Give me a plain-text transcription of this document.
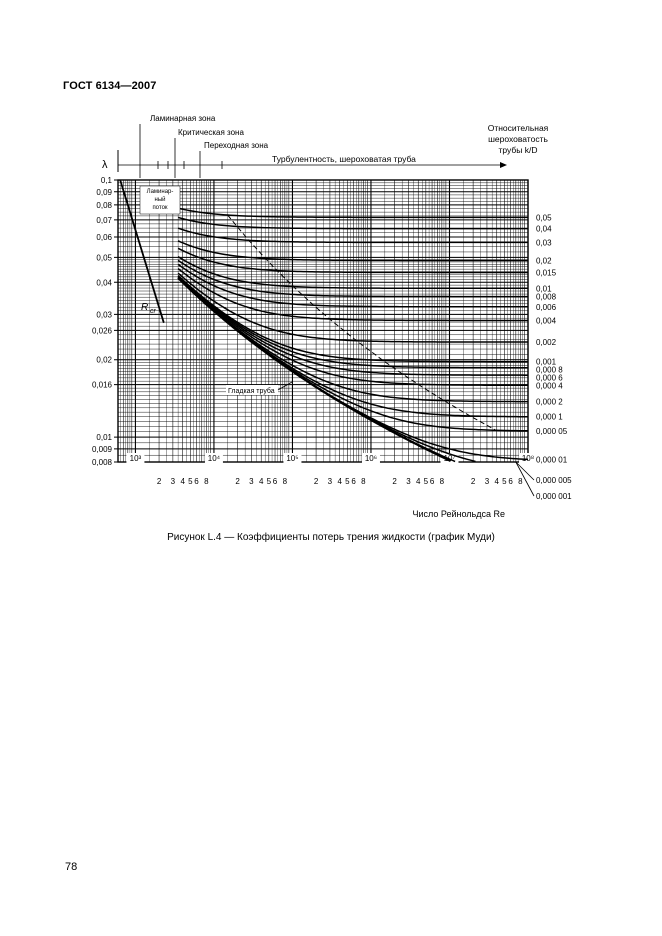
ГОСТ 6134—2007
0,1
0,09
0,08
0,07
0,06
0,05
0,04
0,03
0,026
0,02
0,016
0,01
0,009
0,008 10³	10⁴	10⁵	10⁶	10⁷	10⁸
2 3 4 5 6 8	2 3 4 5 6 8	2 3 4 5 6 8	2 3 4 5 6 8	2 3 4 5 6 8
0,05
0,04
0,03
0,02
0,015
0,01
0,008
0,006
0,004
0,002
0,001
0,000 8
0,000 6
0,000 4
0,000 2
0,000 1
0,000 05
0,000 01
0,000 005
0,000 001
λ
Число Рейнольдса Re
Относительная
шероховатость
трубы k/D
Ламинарная зона
Критическая зона
Переходная зона
Турбулентность, шероховатая труба
Ламинар-
ный
поток
R cr
Гладкая труба
Рисунок L.4 — Коэффициенты потерь трения жидкости (график Муди)
78
